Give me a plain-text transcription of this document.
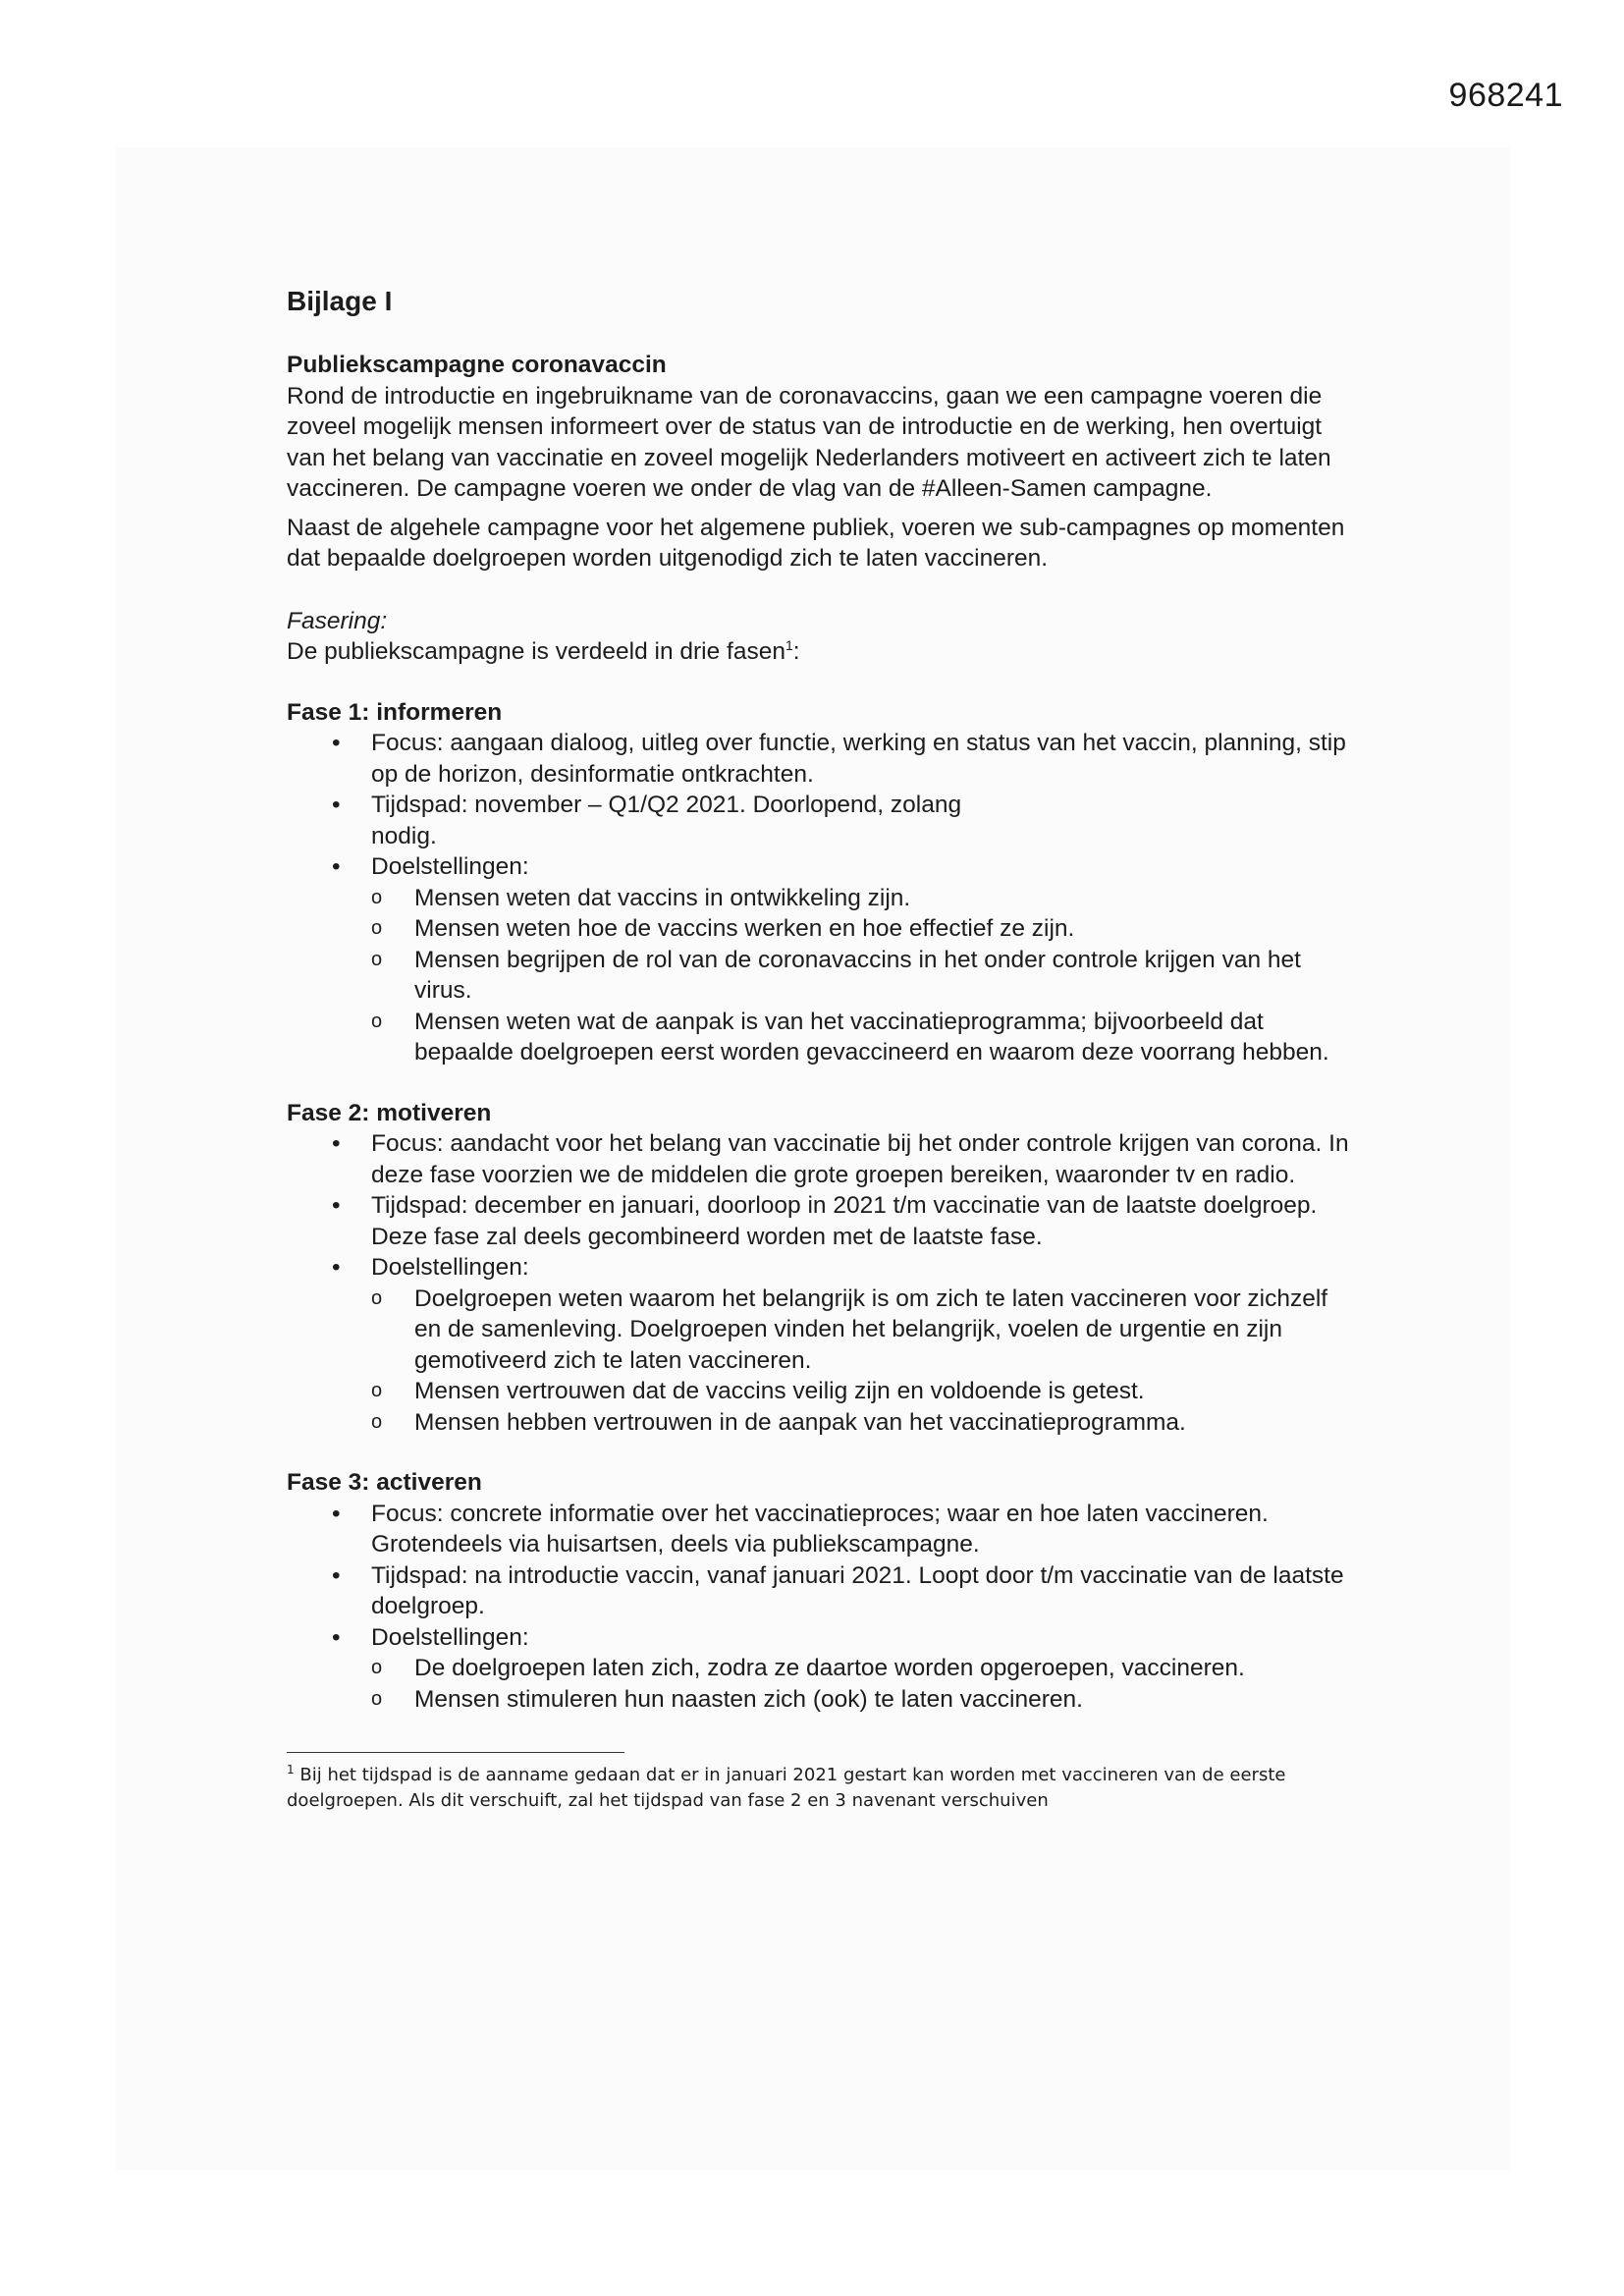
968241
Bijlage I

Publiekscampagne coronavaccin

Rond de introductie en ingebruikname van de coronavaccins, gaan we een campagne voeren die zoveel mogelijk mensen informeert over de status van de introductie en de werking, hen overtuigt van het belang van vaccinatie en zoveel mogelijk Nederlanders motiveert en activeert zich te laten vaccineren. De campagne voeren we onder de vlag van de #Alleen-Samen campagne.

Naast de algehele campagne voor het algemene publiek, voeren we sub-campagnes op momenten dat bepaalde doelgroepen worden uitgenodigd zich te laten vaccineren.

Fasering:

De publiekscampagne is verdeeld in drie fasen$^1$:

Fase 1: informeren

• Focus: aangaan dialoog, uitleg over functie, werking en status van het vaccin, planning, stip op de horizon, desinformatie ontkrachten.
• Tijdspad: november – Q1/Q2 2021. Doorlopend, zolang nodig.
• Doelstellingen:
o Mensen weten dat vaccins in ontwikkeling zijn.
o Mensen weten hoe de vaccins werken en hoe effectief ze zijn.
o Mensen begrijpen de rol van de coronavaccins in het onder controle krijgen van het virus.
o Mensen weten wat de aanpak is van het vaccinatieprogramma; bijvoorbeeld dat bepaalde doelgroepen eerst worden gevaccineerd en waarom deze voorrang hebben.

Fase 2: motiveren

• Focus: aandacht voor het belang van vaccinatie bij het onder controle krijgen van corona. In deze fase voorzien we de middelen die grote groepen bereiken, waaronder tv en radio.
• Tijdspad: december en januari, doorloop in 2021 t/m vaccinatie van de laatste doelgroep. Deze fase zal deels gecombineerd worden met de laatste fase.
• Doelstellingen:
o Doelgroepen weten waarom het belangrijk is om zich te laten vaccineren voor zichzelf en de samenleving. Doelgroepen vinden het belangrijk, voelen de urgentie en zijn gemotiveerd zich te laten vaccineren.
o Mensen vertrouwen dat de vaccins veilig zijn en voldoende is getest.
o Mensen hebben vertrouwen in de aanpak van het vaccinatieprogramma.

Fase 3: activeren

• Focus: concrete informatie over het vaccinatieproces; waar en hoe laten vaccineren. Grotendeels via huisartsen, deels via publiekscampagne.
• Tijdspad: na introductie vaccin, vanaf januari 2021. Loopt door t/m vaccinatie van de laatste doelgroep.
• Doelstellingen:
o De doelgroepen laten zich, zodra ze daartoe worden opgeroepen, vaccineren.
o Mensen stimuleren hun naasten zich (ook) te laten vaccineren.

$^1$ Bij het tijdspad is de aanname gedaan dat er in januari 2021 gestart kan worden met vaccineren van de eerste doelgroepen. Als dit verschuift, zal het tijdspad van fase 2 en 3 navenant verschuiven
